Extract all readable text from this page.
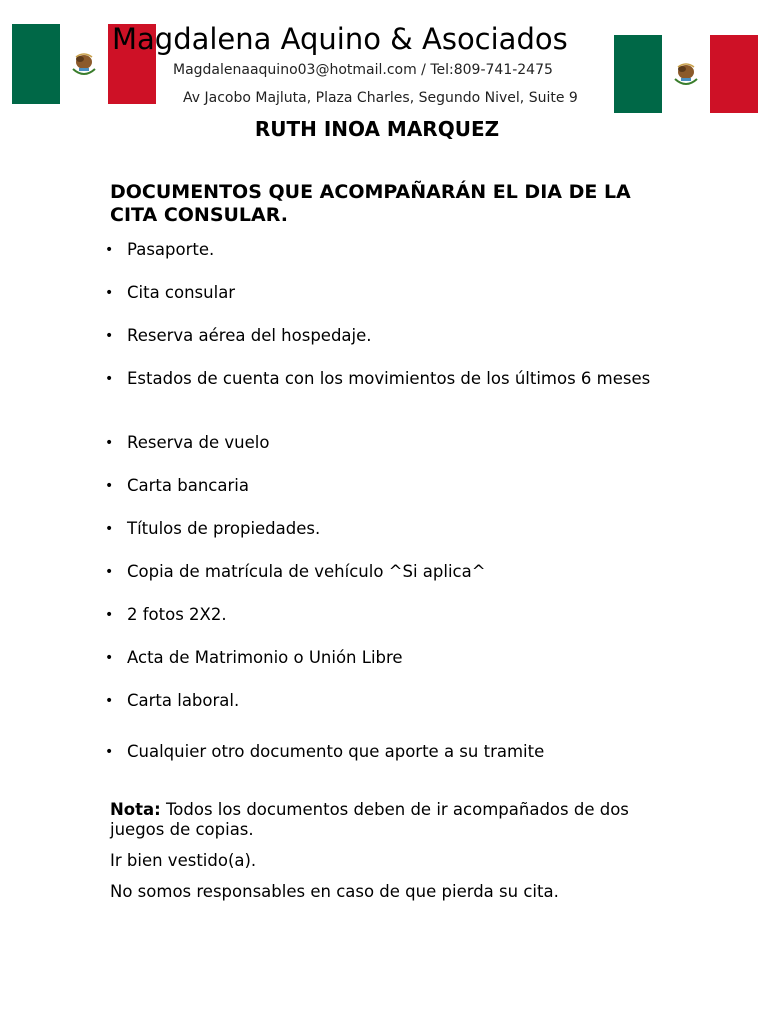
Magdalena Aquino & Asociados
Magdalenaaquino03@hotmail.com / Tel:809-741-2475
Av Jacobo Majluta, Plaza Charles, Segundo Nivel, Suite 9
RUTH INOA MARQUEZ
DOCUMENTOS QUE ACOMPAÑARÁN EL DIA DE LA CITA CONSULAR.
• Pasaporte.
• Cita consular
• Reserva aérea del hospedaje.
• Estados de cuenta con los movimientos de los últimos 6 meses
• Reserva de vuelo
• Carta bancaria
• Títulos de propiedades.
• Copia de matrícula de vehículo ^Si aplica^
• 2 fotos 2X2.
• Acta de Matrimonio o Unión Libre
• Carta laboral.
• Cualquier otro documento que aporte a su tramite

Nota: Todos los documentos deben de ir acompañados de dos juegos de copias.

Ir bien vestido(a).

No somos responsables en caso de que pierda su cita.
